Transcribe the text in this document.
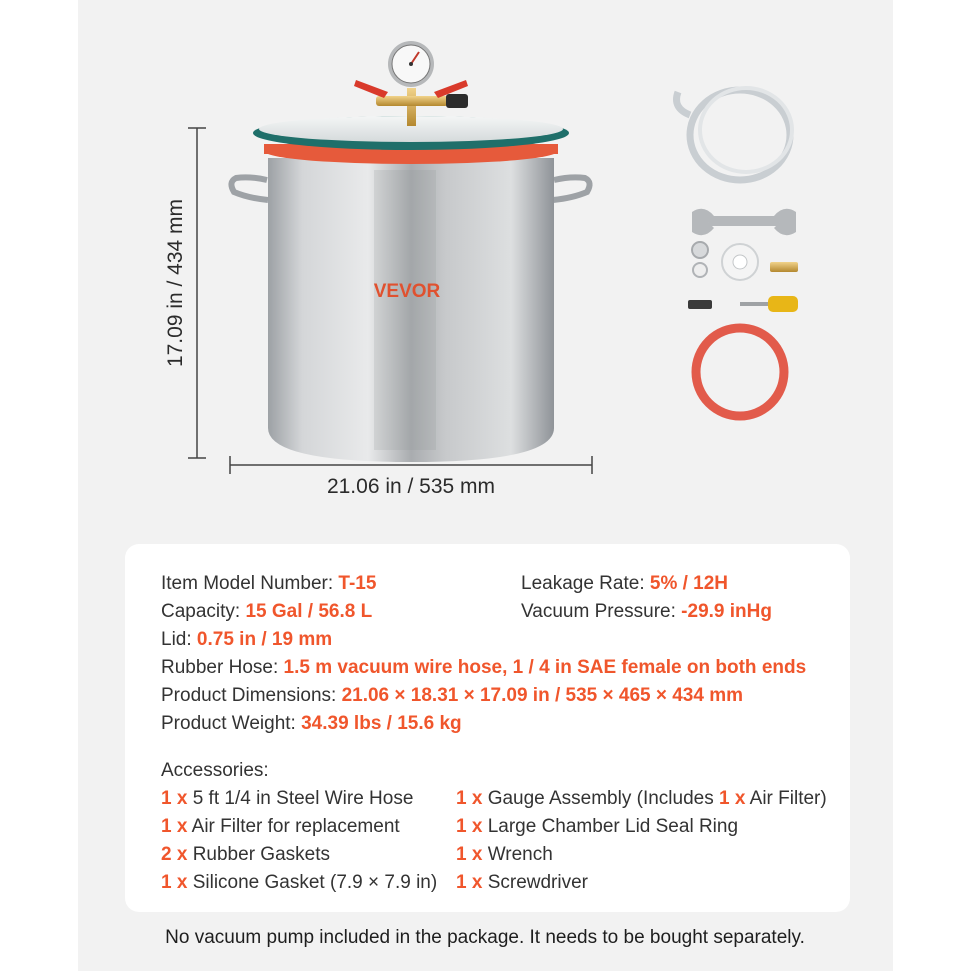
VEVOR
17.09 in / 434 mm
21.06 in / 535 mm
Item Model Number: T-15	Leakage Rate: 5% / 12H
Capacity: 15 Gal / 56.8 L	Vacuum Pressure: -29.9 inHg
Lid: 0.75 in / 19 mm
Rubber Hose: 1.5 m vacuum wire hose, 1 / 4 in SAE female on both ends
Product Dimensions: 21.06 × 18.31 × 17.09 in / 535 × 465 × 434 mm
Product Weight: 34.39 lbs / 15.6 kg
Accessories:
1 x 5 ft 1/4 in Steel Wire Hose
1 x Air Filter for replacement
2 x Rubber Gaskets
1 x Silicone Gasket (7.9 × 7.9 in)
1 x Gauge Assembly (Includes 1 x Air Filter)
1 x Large Chamber Lid Seal Ring
1 x Wrench
1 x Screwdriver
No vacuum pump included in the package. It needs to be bought separately.
